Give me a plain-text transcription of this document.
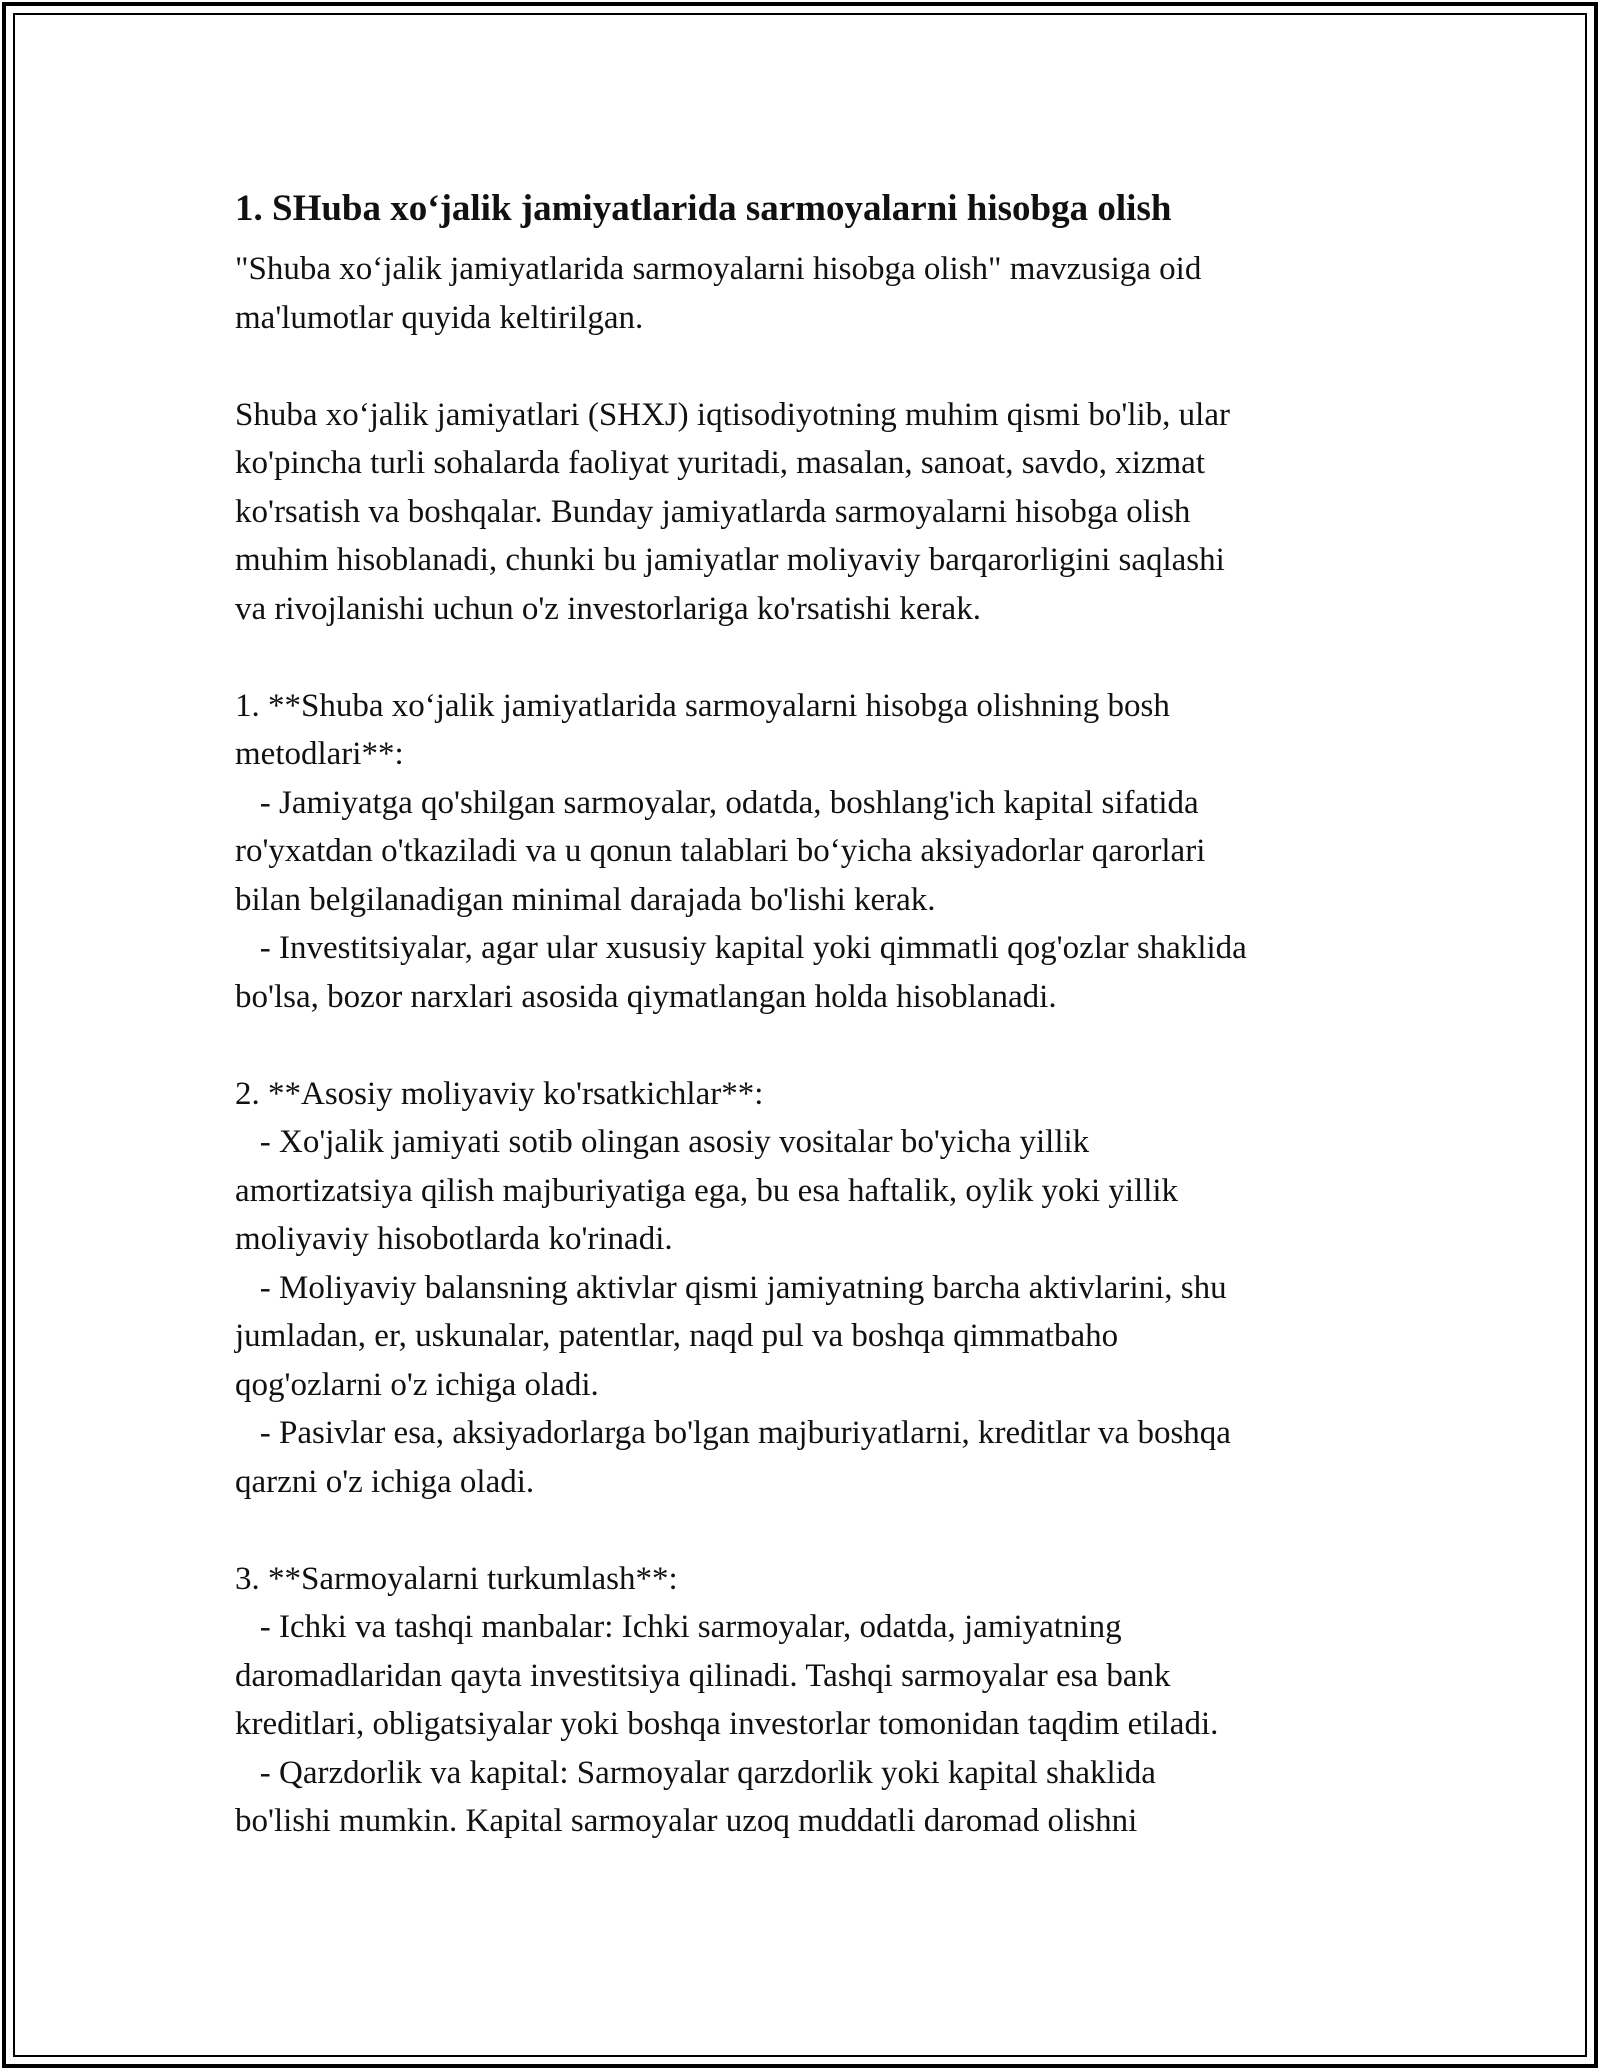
1. SHuba xo‘jalik jamiyatlarida sarmoyalarni hisobga olish
"Shuba xo‘jalik jamiyatlarida sarmoyalarni hisobga olish" mavzusiga oid
ma'lumotlar quyida keltirilgan.
Shuba xo‘jalik jamiyatlari (SHXJ) iqtisodiyotning muhim qismi bo'lib, ular
ko'pincha turli sohalarda faoliyat yuritadi, masalan, sanoat, savdo, xizmat
ko'rsatish va boshqalar. Bunday jamiyatlarda sarmoyalarni hisobga olish
muhim hisoblanadi, chunki bu jamiyatlar moliyaviy barqarorligini saqlashi
va rivojlanishi uchun o'z investorlariga ko'rsatishi kerak.
1. **Shuba xo‘jalik jamiyatlarida sarmoyalarni hisobga olishning bosh
metodlari**:
- Jamiyatga qo'shilgan sarmoyalar, odatda, boshlang'ich kapital sifatida
ro'yxatdan o'tkaziladi va u qonun talablari bo‘yicha aksiyadorlar qarorlari
bilan belgilanadigan minimal darajada bo'lishi kerak.
- Investitsiyalar, agar ular xususiy kapital yoki qimmatli qog'ozlar shaklida
bo'lsa, bozor narxlari asosida qiymatlangan holda hisoblanadi.
2. **Asosiy moliyaviy ko'rsatkichlar**:
- Xo'jalik jamiyati sotib olingan asosiy vositalar bo'yicha yillik
amortizatsiya qilish majburiyatiga ega, bu esa haftalik, oylik yoki yillik
moliyaviy hisobotlarda ko'rinadi.
- Moliyaviy balansning aktivlar qismi jamiyatning barcha aktivlarini, shu
jumladan, er, uskunalar, patentlar, naqd pul va boshqa qimmatbaho
qog'ozlarni o'z ichiga oladi.
- Pasivlar esa, aksiyadorlarga bo'lgan majburiyatlarni, kreditlar va boshqa
qarzni o'z ichiga oladi.
3. **Sarmoyalarni turkumlash**:
- Ichki va tashqi manbalar: Ichki sarmoyalar, odatda, jamiyatning
daromadlaridan qayta investitsiya qilinadi. Tashqi sarmoyalar esa bank
kreditlari, obligatsiyalar yoki boshqa investorlar tomonidan taqdim etiladi.
- Qarzdorlik va kapital: Sarmoyalar qarzdorlik yoki kapital shaklida
bo'lishi mumkin. Kapital sarmoyalar uzoq muddatli daromad olishni
